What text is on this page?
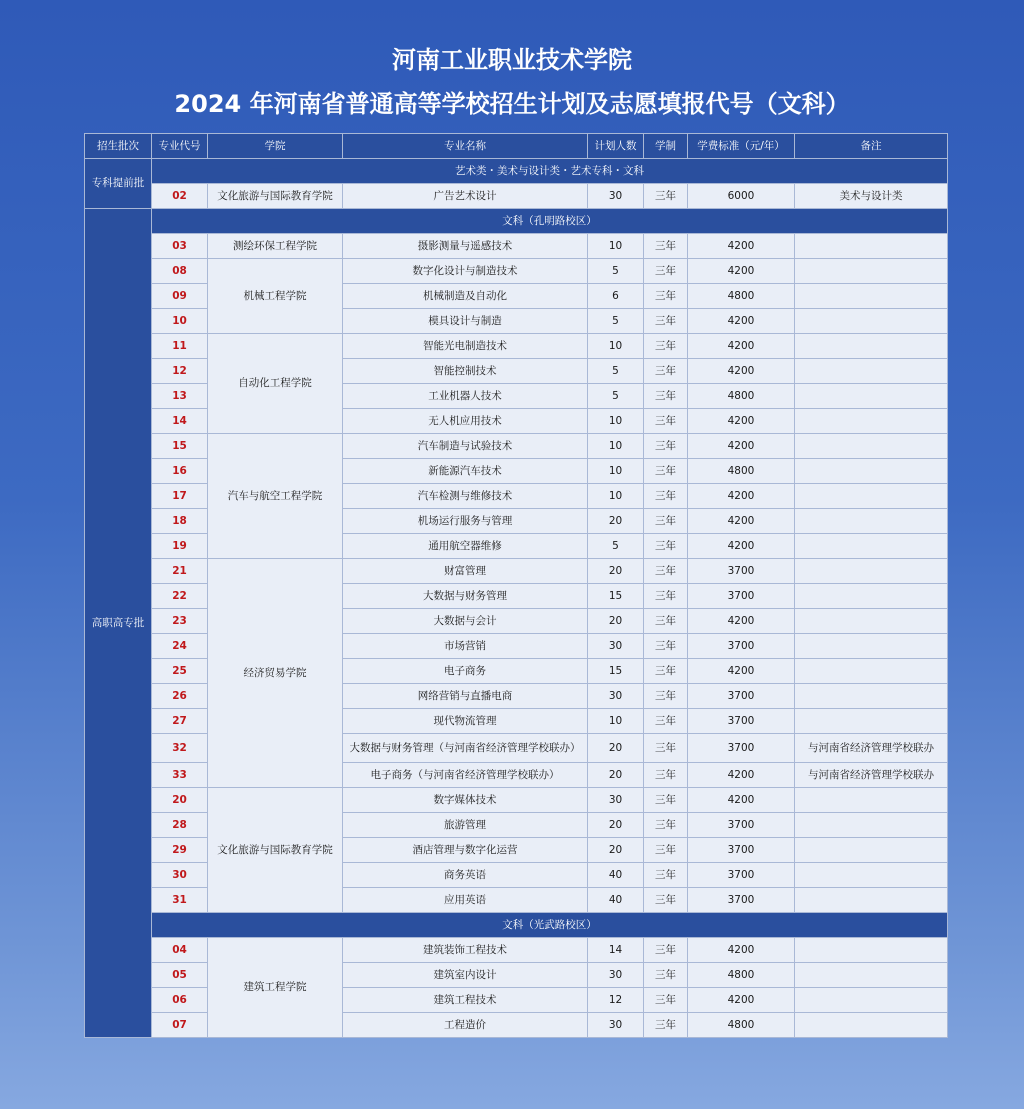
河南工业职业技术学院
2024 年河南省普通高等学校招生计划及志愿填报代号（文科）
招生批次	专业代号	学院	专业名称	计划人数	学制	学费标准（元/年）	备注
专科提前批	艺术类・美术与设计类・艺术专科・文科						
	02	文化旅游与国际教育学院	广告艺术设计	30	三年	6000	美术与设计类
高职高专批	文科（孔明路校区）						
	03	测绘环保工程学院	摄影测量与遥感技术	10	三年	4200	
	08	机械工程学院	数字化设计与制造技术	5	三年	4200	
	09		机械制造及自动化	6	三年	4800	
	10		模具设计与制造	5	三年	4200	
	11	自动化工程学院	智能光电制造技术	10	三年	4200	
	12		智能控制技术	5	三年	4200	
	13		工业机器人技术	5	三年	4800	
	14		无人机应用技术	10	三年	4200	
	15	汽车与航空工程学院	汽车制造与试验技术	10	三年	4200	
	16		新能源汽车技术	10	三年	4800	
	17		汽车检测与维修技术	10	三年	4200	
	18		机场运行服务与管理	20	三年	4200	
	19		通用航空器维修	5	三年	4200	
	21	经济贸易学院	财富管理	20	三年	3700	
	22		大数据与财务管理	15	三年	3700	
	23		大数据与会计	20	三年	4200	
	24		市场营销	30	三年	3700	
	25		电子商务	15	三年	4200	
	26		网络营销与直播电商	30	三年	3700	
	27		现代物流管理	10	三年	3700	
	32		大数据与财务管理（与河南省经济管理学校联办）	20	三年	3700	与河南省经济管理学校联办
	33		电子商务（与河南省经济管理学校联办）	20	三年	4200	与河南省经济管理学校联办
	20	文化旅游与国际教育学院	数字媒体技术	30	三年	4200	
	28		旅游管理	20	三年	3700	
	29		酒店管理与数字化运营	20	三年	3700	
	30		商务英语	40	三年	3700	
	31		应用英语	40	三年	3700	
	文科（光武路校区）						
	04	建筑工程学院	建筑装饰工程技术	14	三年	4200	
	05		建筑室内设计	30	三年	4800	
	06		建筑工程技术	12	三年	4200	
	07		工程造价	30	三年	4800	
